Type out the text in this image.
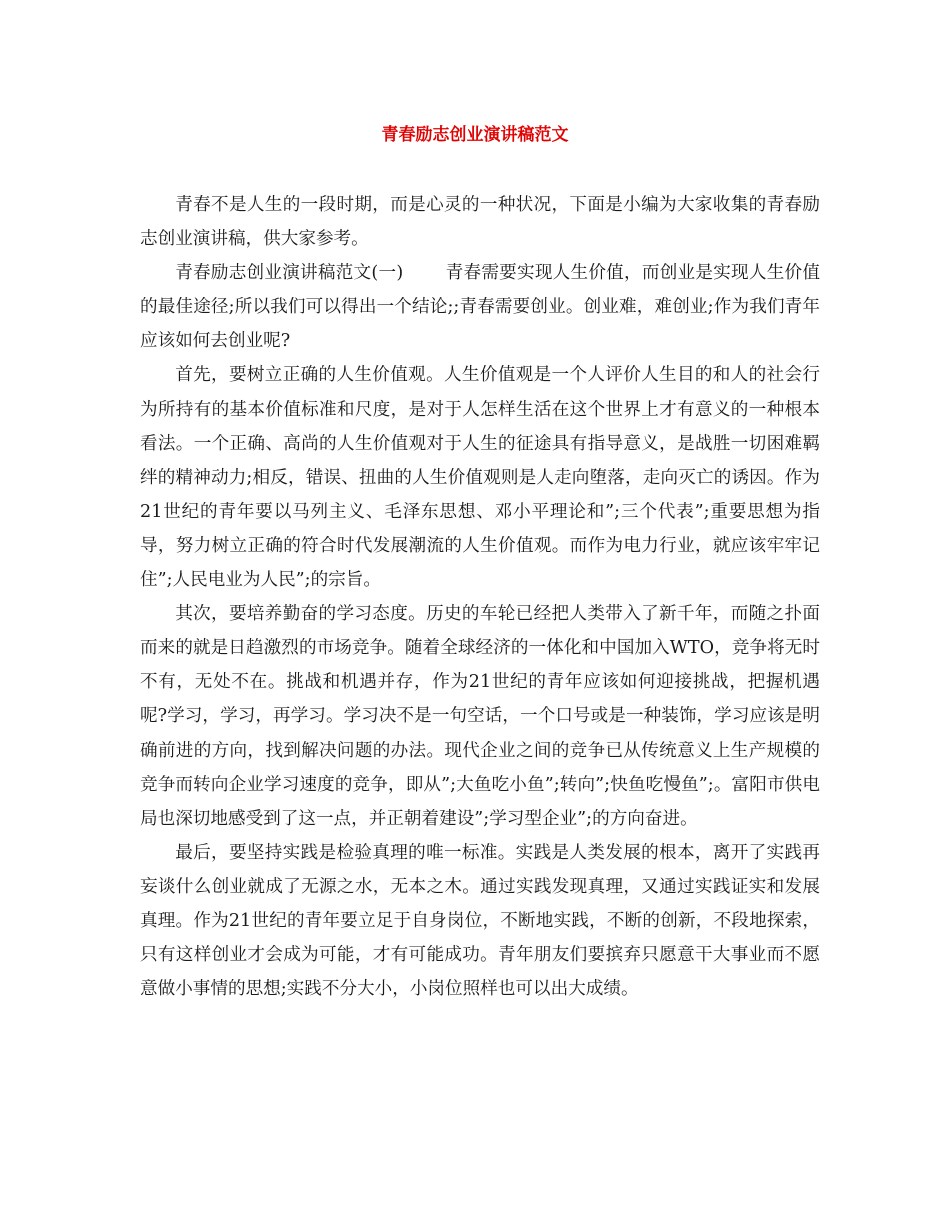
青春励志创业演讲稿范文

青春不是人生的一段时期，而是心灵的一种状况，下面是小编为大家收集的青春励志创业演讲稿，供大家参考。

青春励志创业演讲稿范文(一) 青春需要实现人生价值，而创业是实现人生价值的最佳途径;所以我们可以得出一个结论;;青春需要创业。创业难，难创业;作为我们青年应该如何去创业呢?

首先，要树立正确的人生价值观。人生价值观是一个人评价人生目的和人的社会行为所持有的基本价值标准和尺度，是对于人怎样生活在这个世界上才有意义的一种根本看法。一个正确、高尚的人生价值观对于人生的征途具有指导意义，是战胜一切困难羁绊的精神动力;相反，错误、扭曲的人生价值观则是人走向堕落，走向灭亡的诱因。作为21世纪的青年要以马列主义、毛泽东思想、邓小平理论和”;三个代表”;重要思想为指导，努力树立正确的符合时代发展潮流的人生价值观。而作为电力行业，就应该牢牢记住”;人民电业为人民”;的宗旨。

其次，要培养勤奋的学习态度。历史的车轮已经把人类带入了新千年，而随之扑面而来的就是日趋激烈的市场竞争。随着全球经济的一体化和中国加入WTO，竞争将无时不有，无处不在。挑战和机遇并存，作为21世纪的青年应该如何迎接挑战，把握机遇呢?学习，学习，再学习。学习决不是一句空话，一个口号或是一种装饰，学习应该是明确前进的方向，找到解决问题的办法。现代企业之间的竞争已从传统意义上生产规模的竞争而转向企业学习速度的竞争，即从”;大鱼吃小鱼”;转向”;快鱼吃慢鱼”;。富阳市供电局也深切地感受到了这一点，并正朝着建设”;学习型企业”;的方向奋进。

最后，要坚持实践是检验真理的唯一标准。实践是人类发展的根本，离开了实践再妄谈什么创业就成了无源之水，无本之木。通过实践发现真理，又通过实践证实和发展真理。作为21世纪的青年要立足于自身岗位，不断地实践，不断的创新，不段地探索，只有这样创业才会成为可能，才有可能成功。青年朋友们要摈弃只愿意干大事业而不愿意做小事情的思想;实践不分大小，小岗位照样也可以出大成绩。
